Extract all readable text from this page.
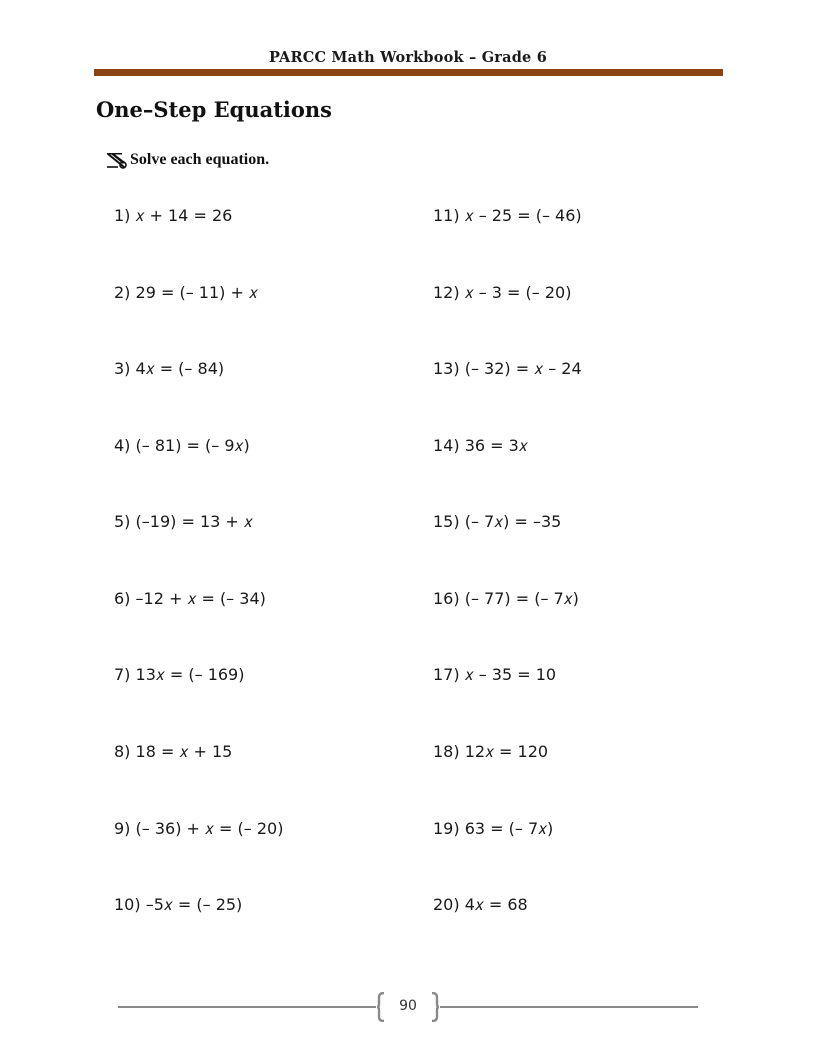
PARCC Math Workbook – Grade 6
One–Step Equations
Solve each equation.
1) 𝑥 + 14 = 26
2) 29 = (– 11) + 𝑥
3) 4𝑥 = (– 84)
4) (– 81) = (– 9𝑥)
5) (–19) = 13 + 𝑥
6) –12 + 𝑥 = (– 34)
7) 13𝑥 = (– 169)
8) 18 = 𝑥 + 15
9) (– 36) + 𝑥 = (– 20)
10) –5𝑥 = (– 25)
11) 𝑥 – 25 = (– 46)
12) 𝑥 – 3 = (– 20)
13) (– 32) = 𝑥 – 24
14) 36 = 3𝑥
15) (– 7𝑥) = –35
16) (– 77) = (– 7𝑥)
17) 𝑥 – 35 = 10
18) 12𝑥 = 120
19) 63 = (– 7𝑥)
20) 4𝑥 = 68
90
